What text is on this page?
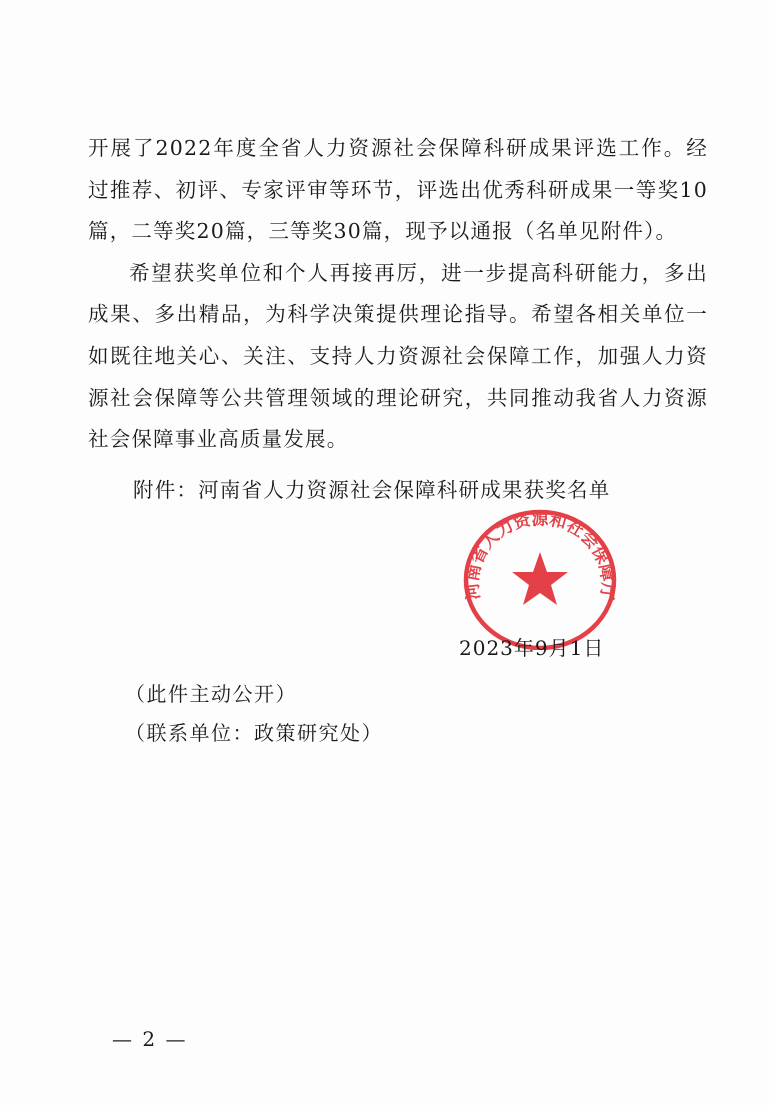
开展了2022年度全省人力资源社会保障科研成果评选工作。经过推荐、初评、专家评审等环节，评选出优秀科研成果一等奖10篇，二等奖20篇，三等奖30篇，现予以通报（名单见附件）。

希望获奖单位和个人再接再厉，进一步提高科研能力，多出成果、多出精品，为科学决策提供理论指导。希望各相关单位一如既往地关心、关注、支持人力资源社会保障工作，加强人力资源社会保障等公共管理领域的理论研究，共同推动我省人力资源社会保障事业高质量发展。

附件：河南省人力资源社会保障科研成果获奖名单
河南省人力资源和社会保障厅
2023年9月1日
（此件主动公开）
（联系单位：政策研究处）
— 2 —
